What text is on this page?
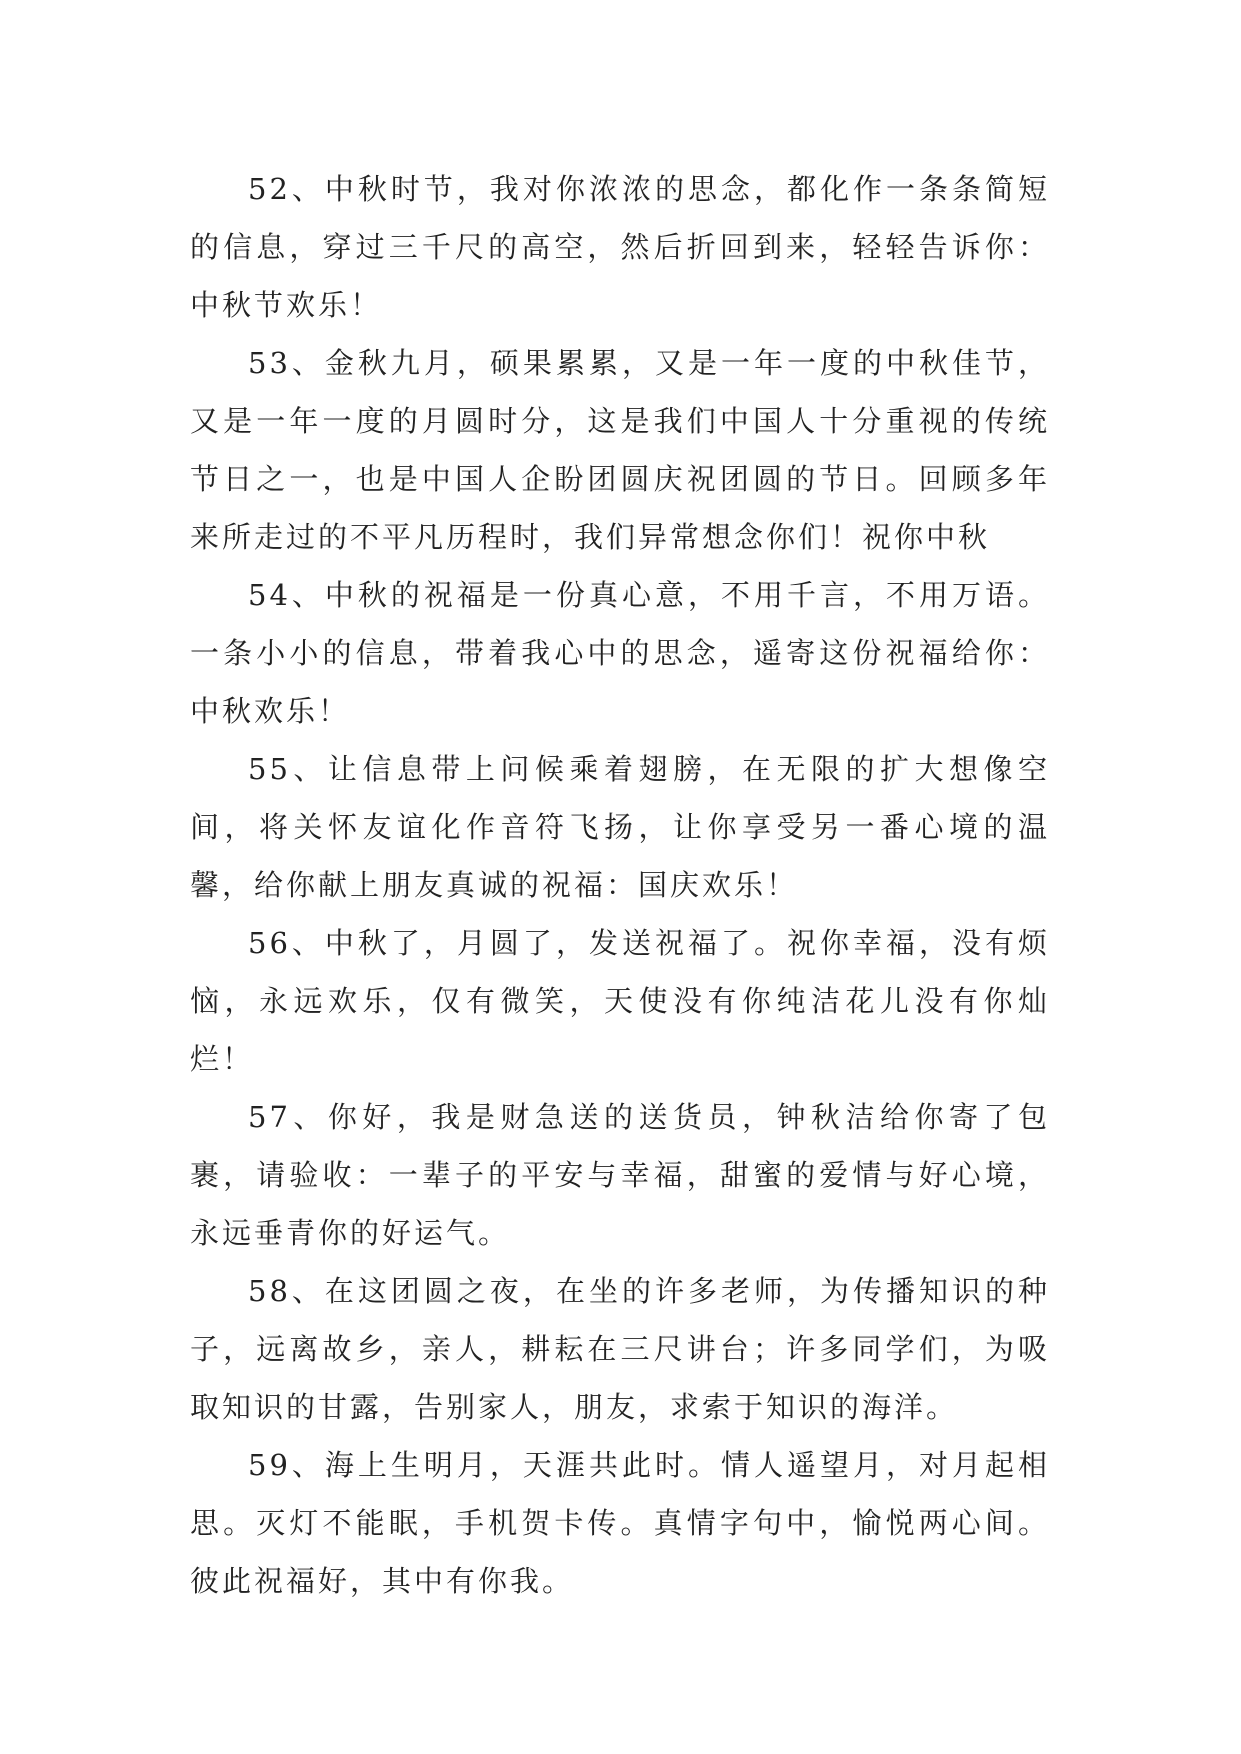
52、中秋时节，我对你浓浓的思念，都化作一条条简短的信息，穿过三千尺的高空，然后折回到来，轻轻告诉你：中秋节欢乐！

53、金秋九月，硕果累累，又是一年一度的中秋佳节，又是一年一度的月圆时分，这是我们中国人十分重视的传统节日之一，也是中国人企盼团圆庆祝团圆的节日。回顾多年来所走过的不平凡历程时，我们异常想念你们！祝你中秋

54、中秋的祝福是一份真心意，不用千言，不用万语。一条小小的信息，带着我心中的思念，遥寄这份祝福给你：中秋欢乐！

55、让信息带上问候乘着翅膀，在无限的扩大想像空间，将关怀友谊化作音符飞扬，让你享受另一番心境的温馨，给你献上朋友真诚的祝福：国庆欢乐！

56、中秋了，月圆了，发送祝福了。祝你幸福，没有烦恼，永远欢乐，仅有微笑，天使没有你纯洁花儿没有你灿烂！

57、你好，我是财急送的送货员，钟秋洁给你寄了包裹，请验收：一辈子的平安与幸福，甜蜜的爱情与好心境，永远垂青你的好运气。

58、在这团圆之夜，在坐的许多老师，为传播知识的种子，远离故乡，亲人，耕耘在三尺讲台；许多同学们，为吸取知识的甘露，告别家人，朋友，求索于知识的海洋。

59、海上生明月，天涯共此时。情人遥望月，对月起相思。灭灯不能眠，手机贺卡传。真情字句中，愉悦两心间。彼此祝福好，其中有你我。
